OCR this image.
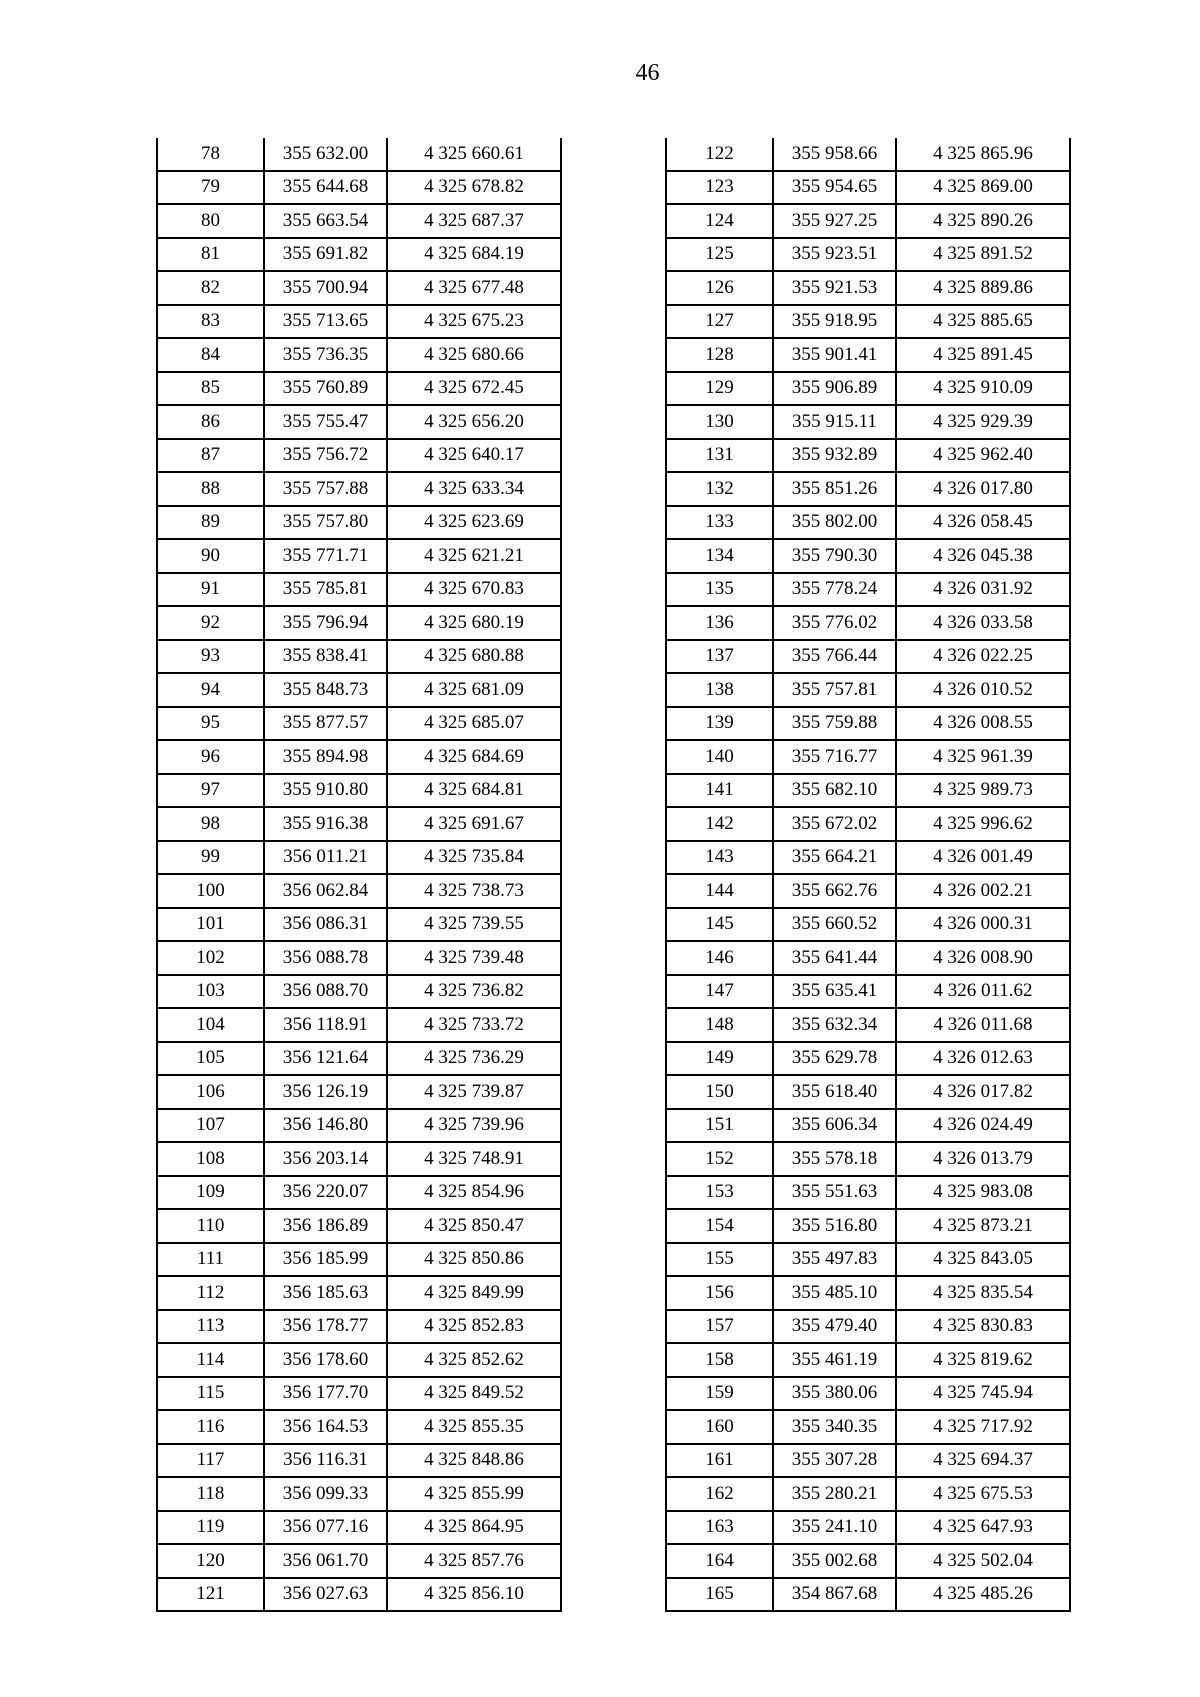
46
78	355 632.00	4 325 660.61
79	355 644.68	4 325 678.82
80	355 663.54	4 325 687.37
81	355 691.82	4 325 684.19
82	355 700.94	4 325 677.48
83	355 713.65	4 325 675.23
84	355 736.35	4 325 680.66
85	355 760.89	4 325 672.45
86	355 755.47	4 325 656.20
87	355 756.72	4 325 640.17
88	355 757.88	4 325 633.34
89	355 757.80	4 325 623.69
90	355 771.71	4 325 621.21
91	355 785.81	4 325 670.83
92	355 796.94	4 325 680.19
93	355 838.41	4 325 680.88
94	355 848.73	4 325 681.09
95	355 877.57	4 325 685.07
96	355 894.98	4 325 684.69
97	355 910.80	4 325 684.81
98	355 916.38	4 325 691.67
99	356 011.21	4 325 735.84
100	356 062.84	4 325 738.73
101	356 086.31	4 325 739.55
102	356 088.78	4 325 739.48
103	356 088.70	4 325 736.82
104	356 118.91	4 325 733.72
105	356 121.64	4 325 736.29
106	356 126.19	4 325 739.87
107	356 146.80	4 325 739.96
108	356 203.14	4 325 748.91
109	356 220.07	4 325 854.96
110	356 186.89	4 325 850.47
111	356 185.99	4 325 850.86
112	356 185.63	4 325 849.99
113	356 178.77	4 325 852.83
114	356 178.60	4 325 852.62
115	356 177.70	4 325 849.52
116	356 164.53	4 325 855.35
117	356 116.31	4 325 848.86
118	356 099.33	4 325 855.99
119	356 077.16	4 325 864.95
120	356 061.70	4 325 857.76
121	356 027.63	4 325 856.10
122	355 958.66	4 325 865.96
123	355 954.65	4 325 869.00
124	355 927.25	4 325 890.26
125	355 923.51	4 325 891.52
126	355 921.53	4 325 889.86
127	355 918.95	4 325 885.65
128	355 901.41	4 325 891.45
129	355 906.89	4 325 910.09
130	355 915.11	4 325 929.39
131	355 932.89	4 325 962.40
132	355 851.26	4 326 017.80
133	355 802.00	4 326 058.45
134	355 790.30	4 326 045.38
135	355 778.24	4 326 031.92
136	355 776.02	4 326 033.58
137	355 766.44	4 326 022.25
138	355 757.81	4 326 010.52
139	355 759.88	4 326 008.55
140	355 716.77	4 325 961.39
141	355 682.10	4 325 989.73
142	355 672.02	4 325 996.62
143	355 664.21	4 326 001.49
144	355 662.76	4 326 002.21
145	355 660.52	4 326 000.31
146	355 641.44	4 326 008.90
147	355 635.41	4 326 011.62
148	355 632.34	4 326 011.68
149	355 629.78	4 326 012.63
150	355 618.40	4 326 017.82
151	355 606.34	4 326 024.49
152	355 578.18	4 326 013.79
153	355 551.63	4 325 983.08
154	355 516.80	4 325 873.21
155	355 497.83	4 325 843.05
156	355 485.10	4 325 835.54
157	355 479.40	4 325 830.83
158	355 461.19	4 325 819.62
159	355 380.06	4 325 745.94
160	355 340.35	4 325 717.92
161	355 307.28	4 325 694.37
162	355 280.21	4 325 675.53
163	355 241.10	4 325 647.93
164	355 002.68	4 325 502.04
165	354 867.68	4 325 485.26
